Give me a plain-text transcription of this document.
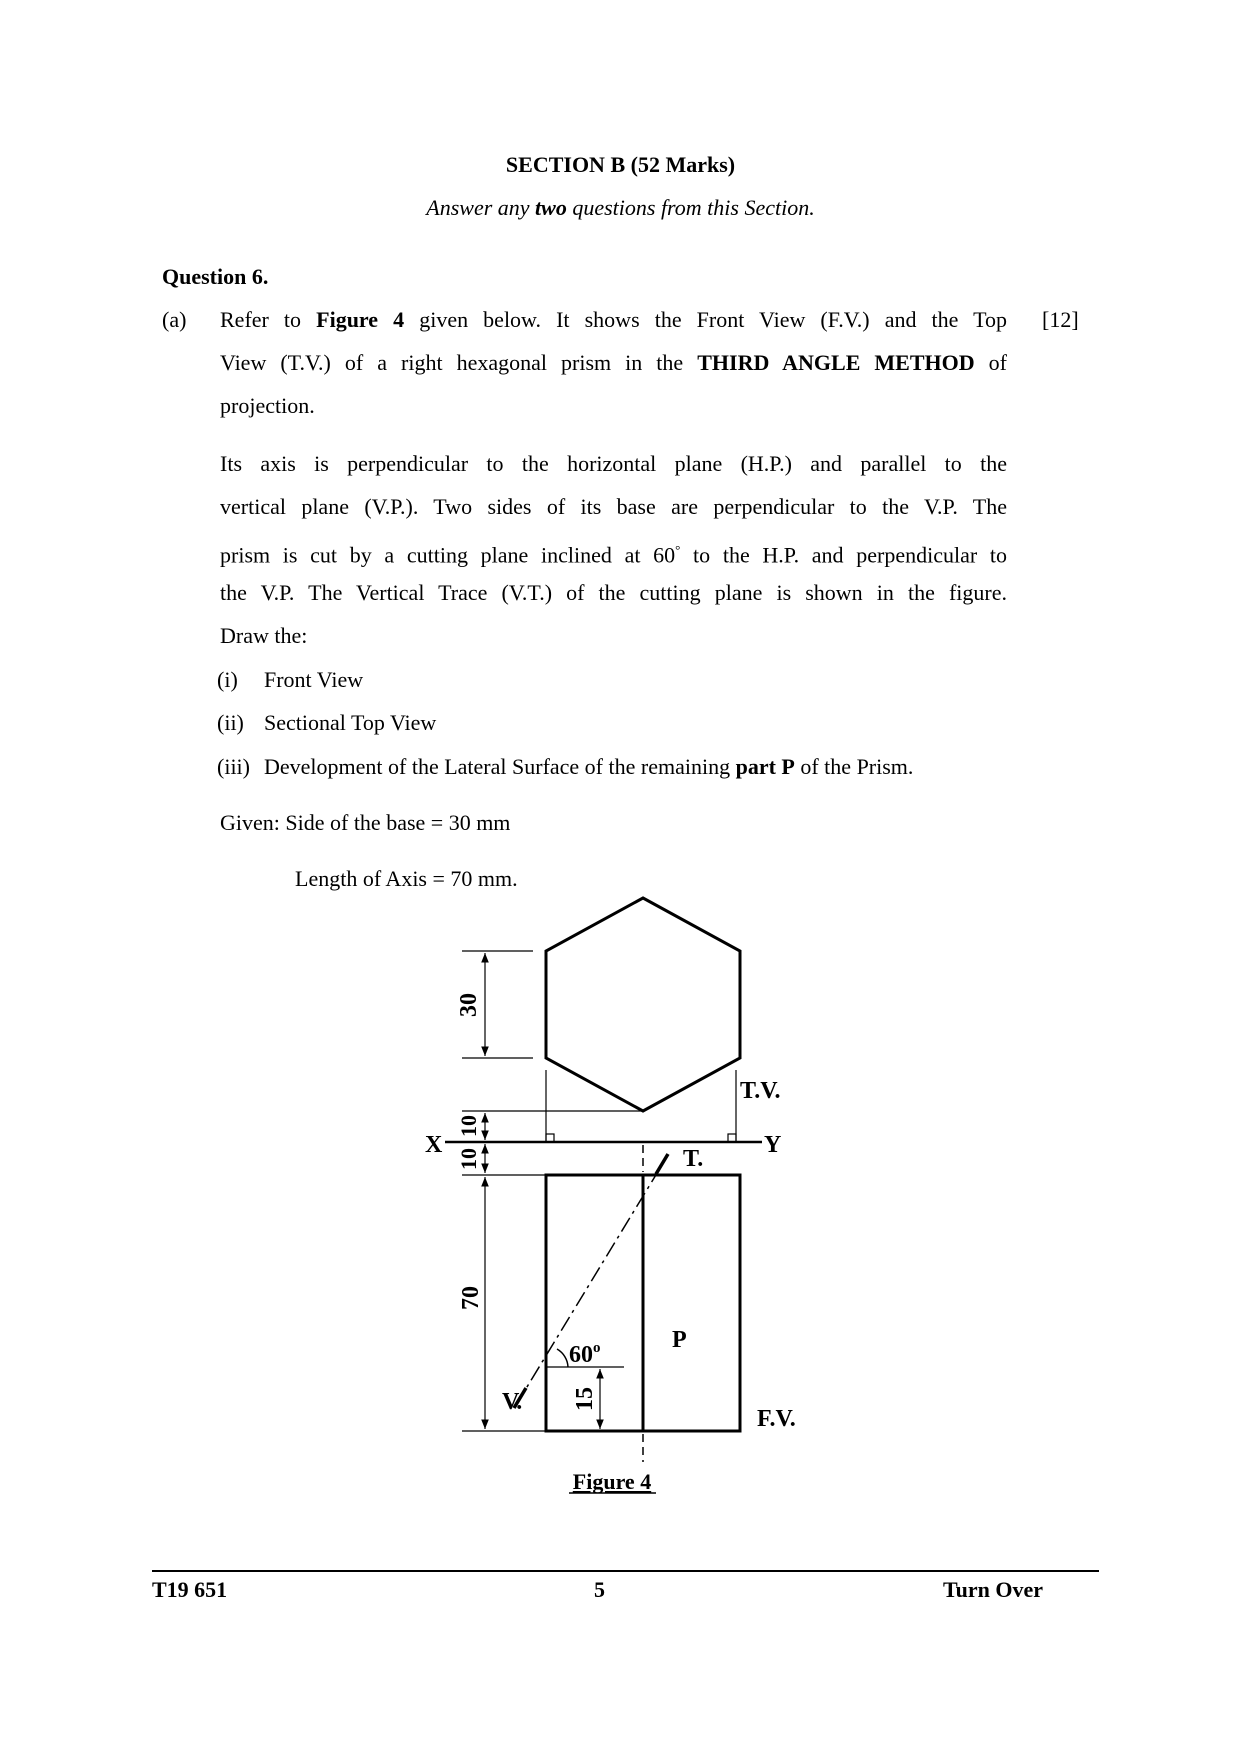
SECTION B (52 Marks)
Answer any two questions from this Section.
Question 6.
(a)	[12]
Refer to Figure 4 given below. It shows the Front View (F.V.) and the Top
View (T.V.) of a right hexagonal prism in the THIRD ANGLE METHOD of
projection.
Its axis is perpendicular to the horizontal plane (H.P.) and parallel to the
vertical plane (V.P.). Two sides of its base are perpendicular to the V.P. The
prism is cut by a cutting plane inclined at 60° to the H.P. and perpendicular to
the V.P. The Vertical Trace (V.T.) of the cutting plane is shown in the figure.
Draw the:
(i) Front View
(ii) Sectional Top View
(iii) Development of the Lateral Surface of the remaining part P of the Prism.
Given: Side of the base = 30 mm
Length of Axis = 70 mm.
30
10
10
X	Y
T.V.
T.
V.
60$^o$
15
70
P
F.V.
Figure 4
T19 651	5	Turn Over
